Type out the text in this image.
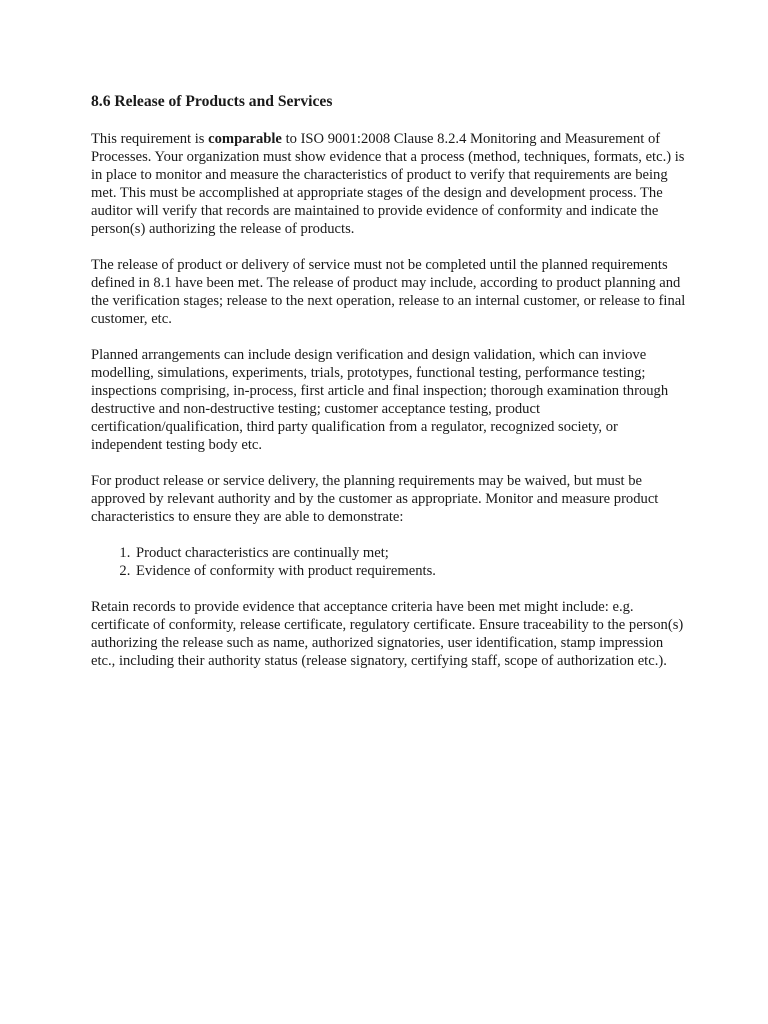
8.6 Release of Products and Services

This requirement is comparable to ISO 9001:2008 Clause 8.2.4 Monitoring and Measurement of Processes. Your organization must show evidence that a process (method, techniques, formats, etc.) is in place to monitor and measure the characteristics of product to verify that requirements are being met. This must be accomplished at appropriate stages of the design and development process. The auditor will verify that records are maintained to provide evidence of conformity and indicate the person(s) authorizing the release of products.

The release of product or delivery of service must not be completed until the planned requirements defined in 8.1 have been met. The release of product may include, according to product planning and the verification stages; release to the next operation, release to an internal customer, or release to final customer, etc.

Planned arrangements can include design verification and design validation, which can inviove modelling, simulations, experiments, trials, prototypes, functional testing, performance testing; inspections comprising, in-process, first article and final inspection; thorough examination through destructive and non-destructive testing; customer acceptance testing, product certification/qualification, third party qualification from a regulator, recognized society, or independent testing body etc.

For product release or service delivery, the planning requirements may be waived, but must be approved by relevant authority and by the customer as appropriate. Monitor and measure product characteristics to ensure they are able to demonstrate:

1. Product characteristics are continually met;
2. Evidence of conformity with product requirements.

Retain records to provide evidence that acceptance criteria have been met might include: e.g. certificate of conformity, release certificate, regulatory certificate. Ensure traceability to the person(s) authorizing the release such as name, authorized signatories, user identification, stamp impression etc., including their authority status (release signatory, certifying staff, scope of authorization etc.).
